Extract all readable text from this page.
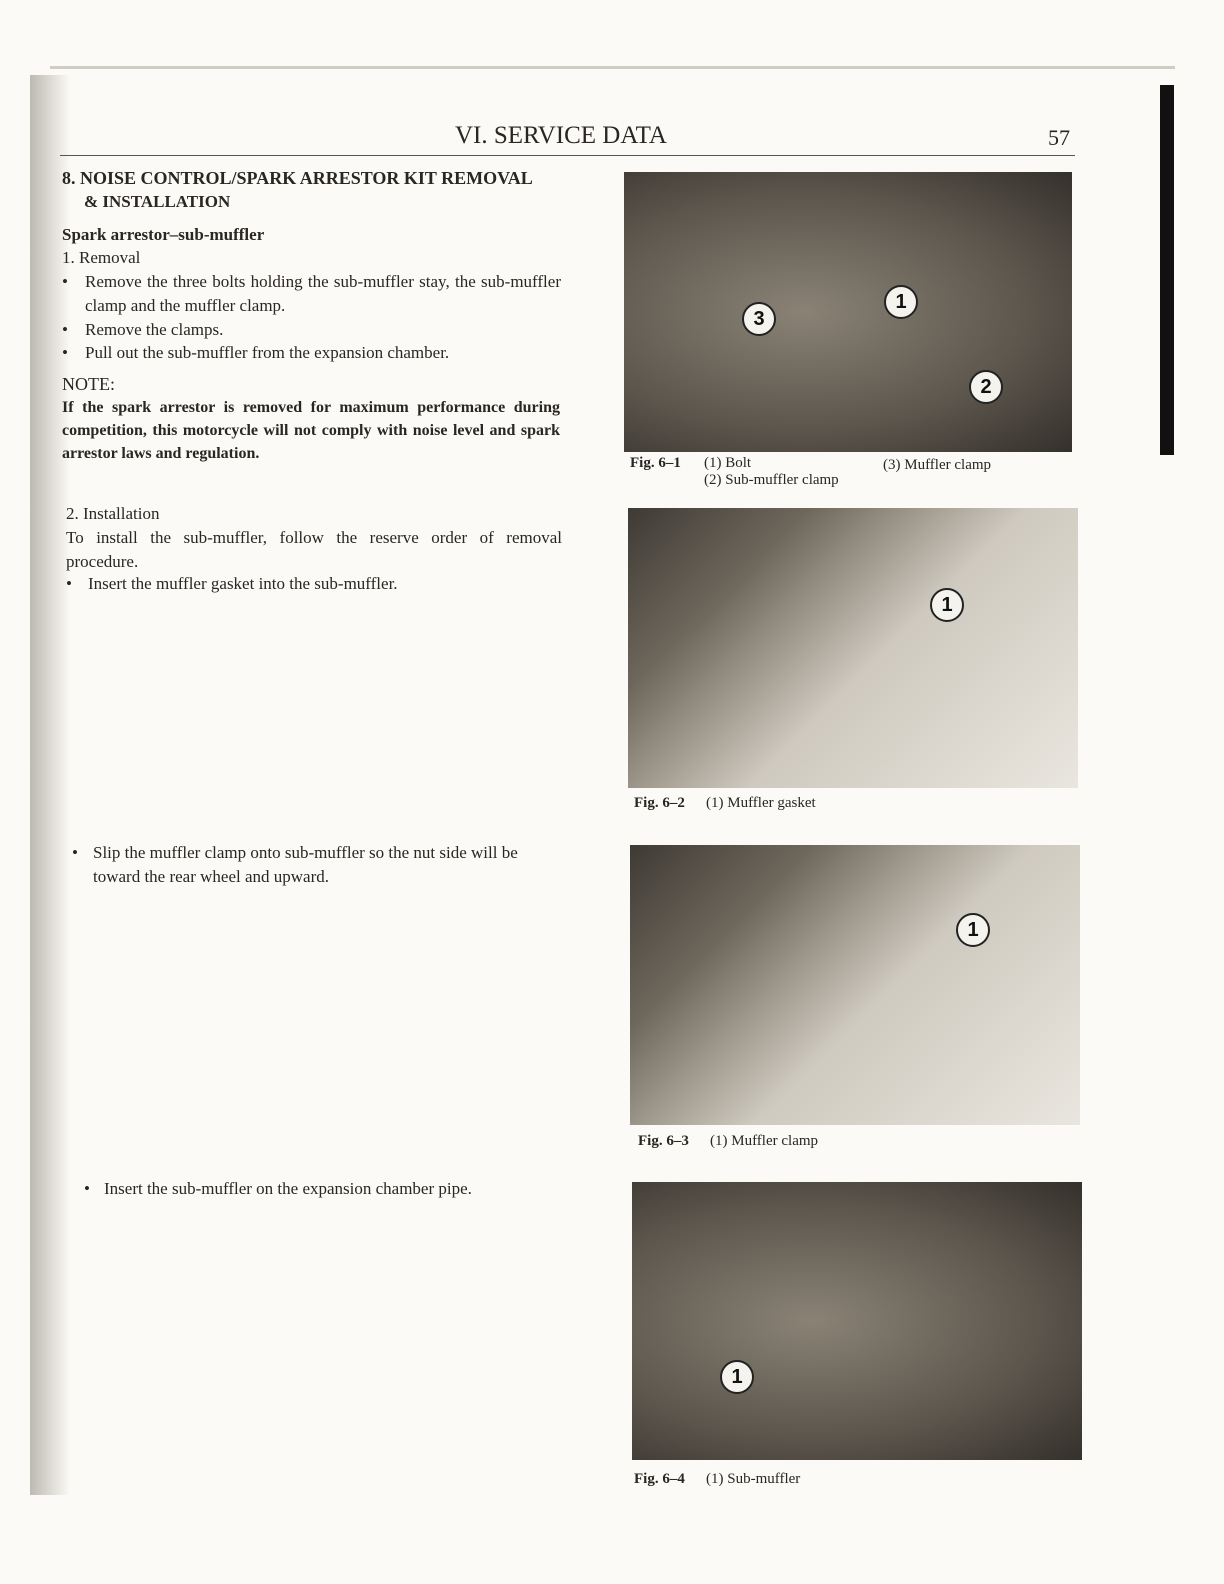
VI. SERVICE DATA	57
8. NOISE CONTROL/SPARK ARRESTOR KIT REMOVAL
& INSTALLATION
Spark arrestor–sub-muffler
1. Removal
•	Remove the three bolts holding the sub-muffler stay, the sub-muffler clamp and the muffler clamp.
• Remove the clamps.
• Pull out the sub-muffler from the expansion chamber.
NOTE:
If the spark arrestor is removed for maximum performance during competition, this motorcycle will not comply with noise level and spark arrestor laws and regulation.
2. Installation
To install the sub-muffler, follow the reserve order of removal procedure.
• Insert the muffler gasket into the sub-muffler.
• Slip the muffler clamp onto sub-muffler so the nut side will be toward the rear wheel and upward.
• Insert the sub-muffler on the expansion chamber pipe.
3
1
2
Fig. 6–1 (1) Bolt
(2) Sub-muffler clamp
(3) Muffler clamp
1
Fig. 6–2 (1) Muffler gasket
1
Fig. 6–3 (1) Muffler clamp
1
Fig. 6–4 (1) Sub-muffler
